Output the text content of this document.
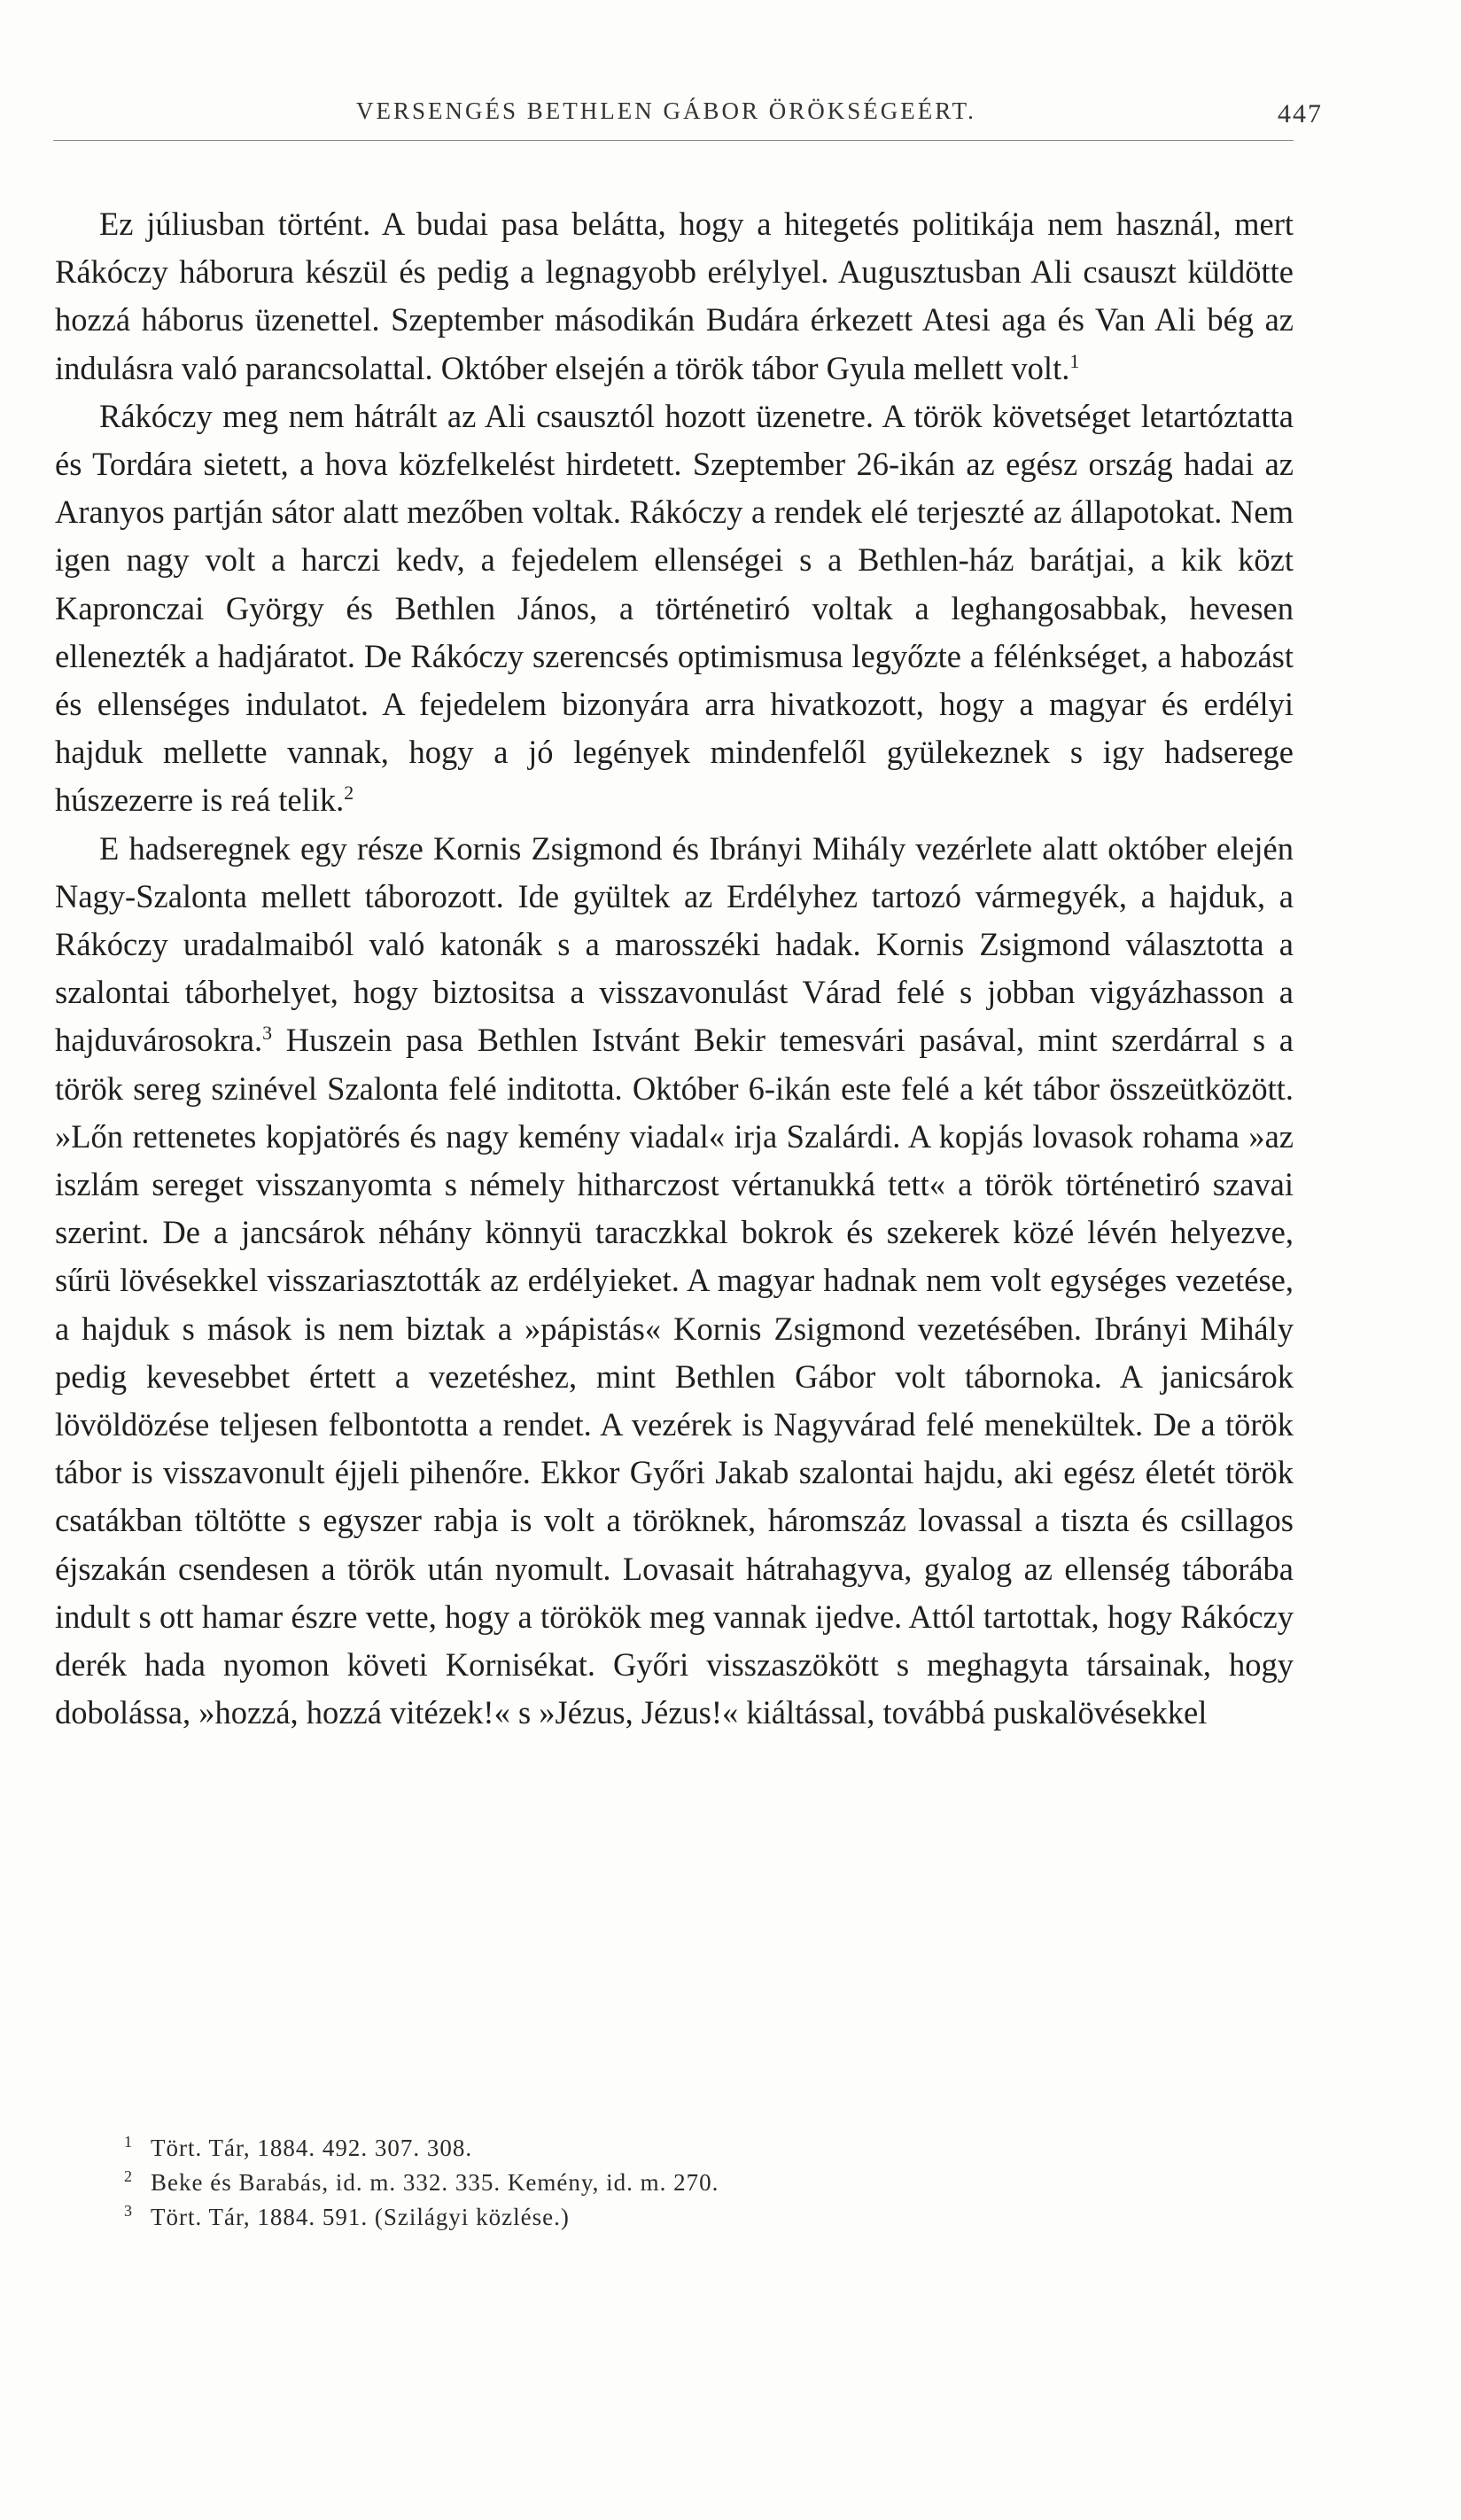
VERSENGÉS BETHLEN GÁBOR ÖRÖKSÉGEÉRT.	447

Ez júliusban történt. A budai pasa belátta, hogy a hitegetés politikája nem használ, mert Rákóczy háborura készül és pedig a legnagyobb erélylyel. Augusztusban Ali csauszt küldötte hozzá háborus üzenettel. Szeptember másodikán Budára érkezett Atesi aga és Van Ali bég az indulásra való parancsolattal. Október elsején a török tábor Gyula mellett volt.$^1$

Rákóczy meg nem hátrált az Ali csausztól hozott üzenetre. A török követséget letartóztatta és Tordára sietett, a hova közfelkelést hirdetett. Szeptember 26-ikán az egész ország hadai az Aranyos partján sátor alatt mezőben voltak. Rákóczy a rendek elé terjeszté az állapotokat. Nem igen nagy volt a harczi kedv, a fejedelem ellenségei s a Bethlen-ház barátjai, a kik közt Kapronczai György és Bethlen János, a történetiró voltak a leghangosabbak, hevesen ellenezték a hadjáratot. De Rákóczy szerencsés optimismusa legyőzte a félénkséget, a habozást és ellenséges indulatot. A fejedelem bizonyára arra hivatkozott, hogy a magyar és erdélyi hajduk mellette vannak, hogy a jó legények mindenfelől gyülekeznek s igy hadserege húszezerre is reá telik.$^2$

E hadseregnek egy része Kornis Zsigmond és Ibrányi Mihály vezérlete alatt október elején Nagy-Szalonta mellett táborozott. Ide gyültek az Erdélyhez tartozó vármegyék, a hajduk, a Rákóczy uradalmaiból való katonák s a marosszéki hadak. Kornis Zsigmond választotta a szalontai táborhelyet, hogy biztositsa a visszavonulást Várad felé s jobban vigyázhasson a hajduvárosokra.$^3$ Huszein pasa Bethlen Istvánt Bekir temesvári pasával, mint szerdárral s a török sereg szinével Szalonta felé inditotta. Október 6-ikán este felé a két tábor összeütközött. »Lőn rettenetes kopjatörés és nagy kemény viadal« irja Szalárdi. A kopjás lovasok rohama »az iszlám sereget visszanyomta s némely hitharczost vértanukká tett« a török történetiró szavai szerint. De a jancsárok néhány könnyü taraczkkal bokrok és szekerek közé lévén helyezve, sűrü lövésekkel visszariasztották az erdélyieket. A magyar hadnak nem volt egységes vezetése, a hajduk s mások is nem biztak a »pápistás« Kornis Zsigmond vezetésében. Ibrányi Mihály pedig kevesebbet értett a vezetéshez, mint Bethlen Gábor volt tábornoka. A janicsárok lövöldözése teljesen felbontotta a rendet. A vezérek is Nagyvárad felé menekültek. De a török tábor is visszavonult éjjeli pihenőre. Ekkor Győri Jakab szalontai hajdu, aki egész életét török csatákban töltötte s egyszer rabja is volt a töröknek, háromszáz lovassal a tiszta és csillagos éjszakán csendesen a török után nyomult. Lovasait hátrahagyva, gyalog az ellenség táborába indult s ott hamar észre vette, hogy a törökök meg vannak ijedve. Attól tartottak, hogy Rákóczy derék hada nyomon követi Kornisékat. Győri visszaszökött s meghagyta társainak, hogy dobolássa, »hozzá, hozzá vitézek!« s »Jézus, Jézus!« kiáltással, továbbá puskalövésekkel

1 Tört. Tár, 1884. 492. 307. 308.
2 Beke és Barabás, id. m. 332. 335. Kemény, id. m. 270.
3 Tört. Tár, 1884. 591. (Szilágyi közlése.)
